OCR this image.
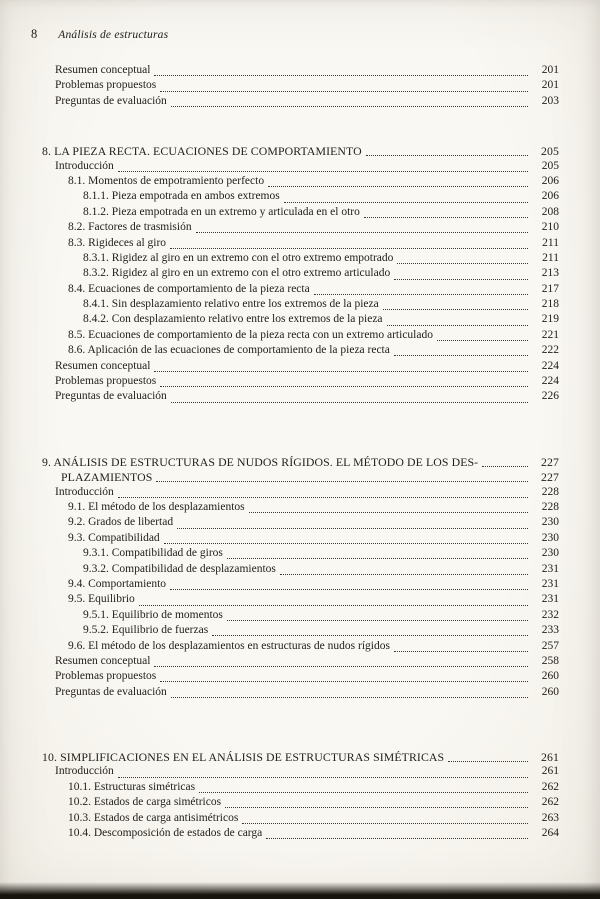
8 Análisis de estructuras
Resumen conceptual	201
Problemas propuestos	201
Preguntas de evaluación	203
8. LA PIEZA RECTA. ECUACIONES DE COMPORTAMIENTO	205
Introducción	205
8.1. Momentos de empotramiento perfecto	206
8.1.1. Pieza empotrada en ambos extremos	206
8.1.2. Pieza empotrada en un extremo y articulada en el otro	208
8.2. Factores de trasmisión	210
8.3. Rigideces al giro	211
8.3.1. Rigidez al giro en un extremo con el otro extremo empotrado	211
8.3.2. Rigidez al giro en un extremo con el otro extremo articulado	213
8.4. Ecuaciones de comportamiento de la pieza recta	217
8.4.1. Sin desplazamiento relativo entre los extremos de la pieza	218
8.4.2. Con desplazamiento relativo entre los extremos de la pieza	219
8.5. Ecuaciones de comportamiento de la pieza recta con un extremo articulado	221
8.6. Aplicación de las ecuaciones de comportamiento de la pieza recta	222
Resumen conceptual	224
Problemas propuestos	224
Preguntas de evaluación	226
9. ANÁLISIS DE ESTRUCTURAS DE NUDOS RÍGIDOS. EL MÉTODO DE LOS DES-	227
PLAZAMIENTOS	227
Introducción	228
9.1. El método de los desplazamientos	228
9.2. Grados de libertad	230
9.3. Compatibilidad	230
9.3.1. Compatibilidad de giros	230
9.3.2. Compatibilidad de desplazamientos	231
9.4. Comportamiento	231
9.5. Equilibrio	231
9.5.1. Equilibrio de momentos	232
9.5.2. Equilibrio de fuerzas	233
9.6. El método de los desplazamientos en estructuras de nudos rígidos	257
Resumen conceptual	258
Problemas propuestos	260
Preguntas de evaluación	260
10. SIMPLIFICACIONES EN EL ANÁLISIS DE ESTRUCTURAS SIMÉTRICAS	261
Introducción	261
10.1. Estructuras simétricas	262
10.2. Estados de carga simétricos	262
10.3. Estados de carga antisimétricos	263
10.4. Descomposición de estados de carga	264
